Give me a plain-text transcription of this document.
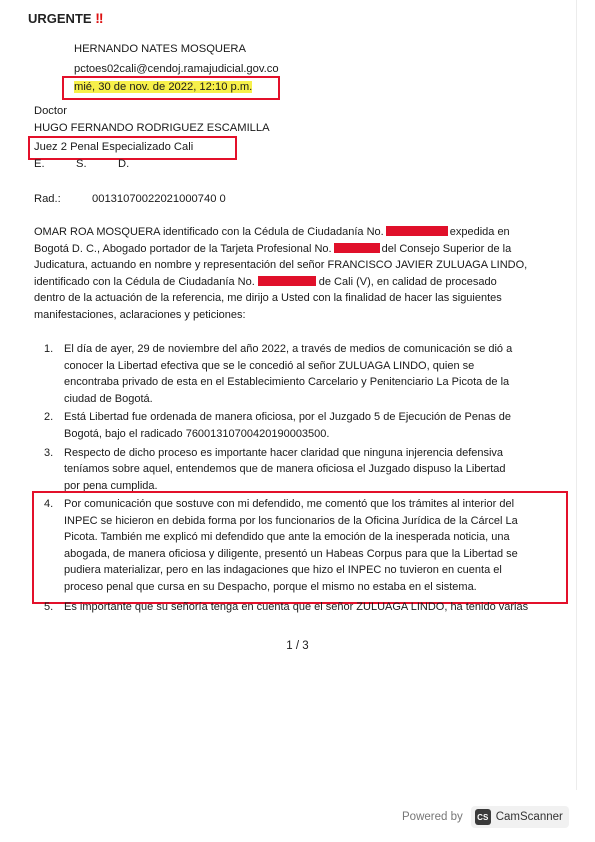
URGENTE !!
HERNANDO NATES MOSQUERA
pctoes02cali@cendoj.ramajudicial.gov.co
mié, 30 de nov. de 2022, 12:10 p.m.
Doctor
HUGO FERNANDO RODRIGUEZ ESCAMILLA
Juez 2 Penal Especializado Cali
E.	S.	D.
Rad.:	00131070022021000740 0
OMAR ROA MOSQUERA identificado con la Cédula de Ciudadanía No.	expedida en
Bogotá D. C., Abogado portador de la Tarjeta Profesional No.	del Consejo Superior de la
Judicatura, actuando en nombre y representación del señor FRANCISCO JAVIER ZULUAGA LINDO,
identificado con la Cédula de Ciudadanía No.	de Cali (V), en calidad de procesado
dentro de la actuación de la referencia, me dirijo a Usted con la finalidad de hacer las siguientes
manifestaciones, aclaraciones y peticiones:
1. El día de ayer, 29 de noviembre del año 2022, a través de medios de comunicación se dió a
conocer la Libertad efectiva que se le concedió al señor ZULUAGA LINDO, quien se
encontraba privado de esta en el Establecimiento Carcelario y Penitenciario La Picota de la
ciudad de Bogotá.
2. Está Libertad fue ordenada de manera oficiosa, por el Juzgado 5 de Ejecución de Penas de
Bogotá, bajo el radicado 76001310700420190003500.
3. Respecto de dicho proceso es importante hacer claridad que ninguna injerencia defensiva
teníamos sobre aquel, entendemos que de manera oficiosa el Juzgado dispuso la Libertad
por pena cumplida.
4. Por comunicación que sostuve con mi defendido, me comentó que los trámites al interior del
INPEC se hicieron en debida forma por los funcionarios de la Oficina Jurídica de la Cárcel La
Picota. También me explicó mi defendido que ante la emoción de la inesperada noticia, una
abogada, de manera oficiosa y diligente, presentó un Habeas Corpus para que la Libertad se
pudiera materializar, pero en las indagaciones que hizo el INPEC no tuvieron en cuenta el
proceso penal que cursa en su Despacho, porque el mismo no estaba en el sistema.
5. Es importante que su señoría tenga en cuenta que el señor ZULUAGA LINDO, ha tenido varias
1 / 3
Powered by	CS CamScanner
